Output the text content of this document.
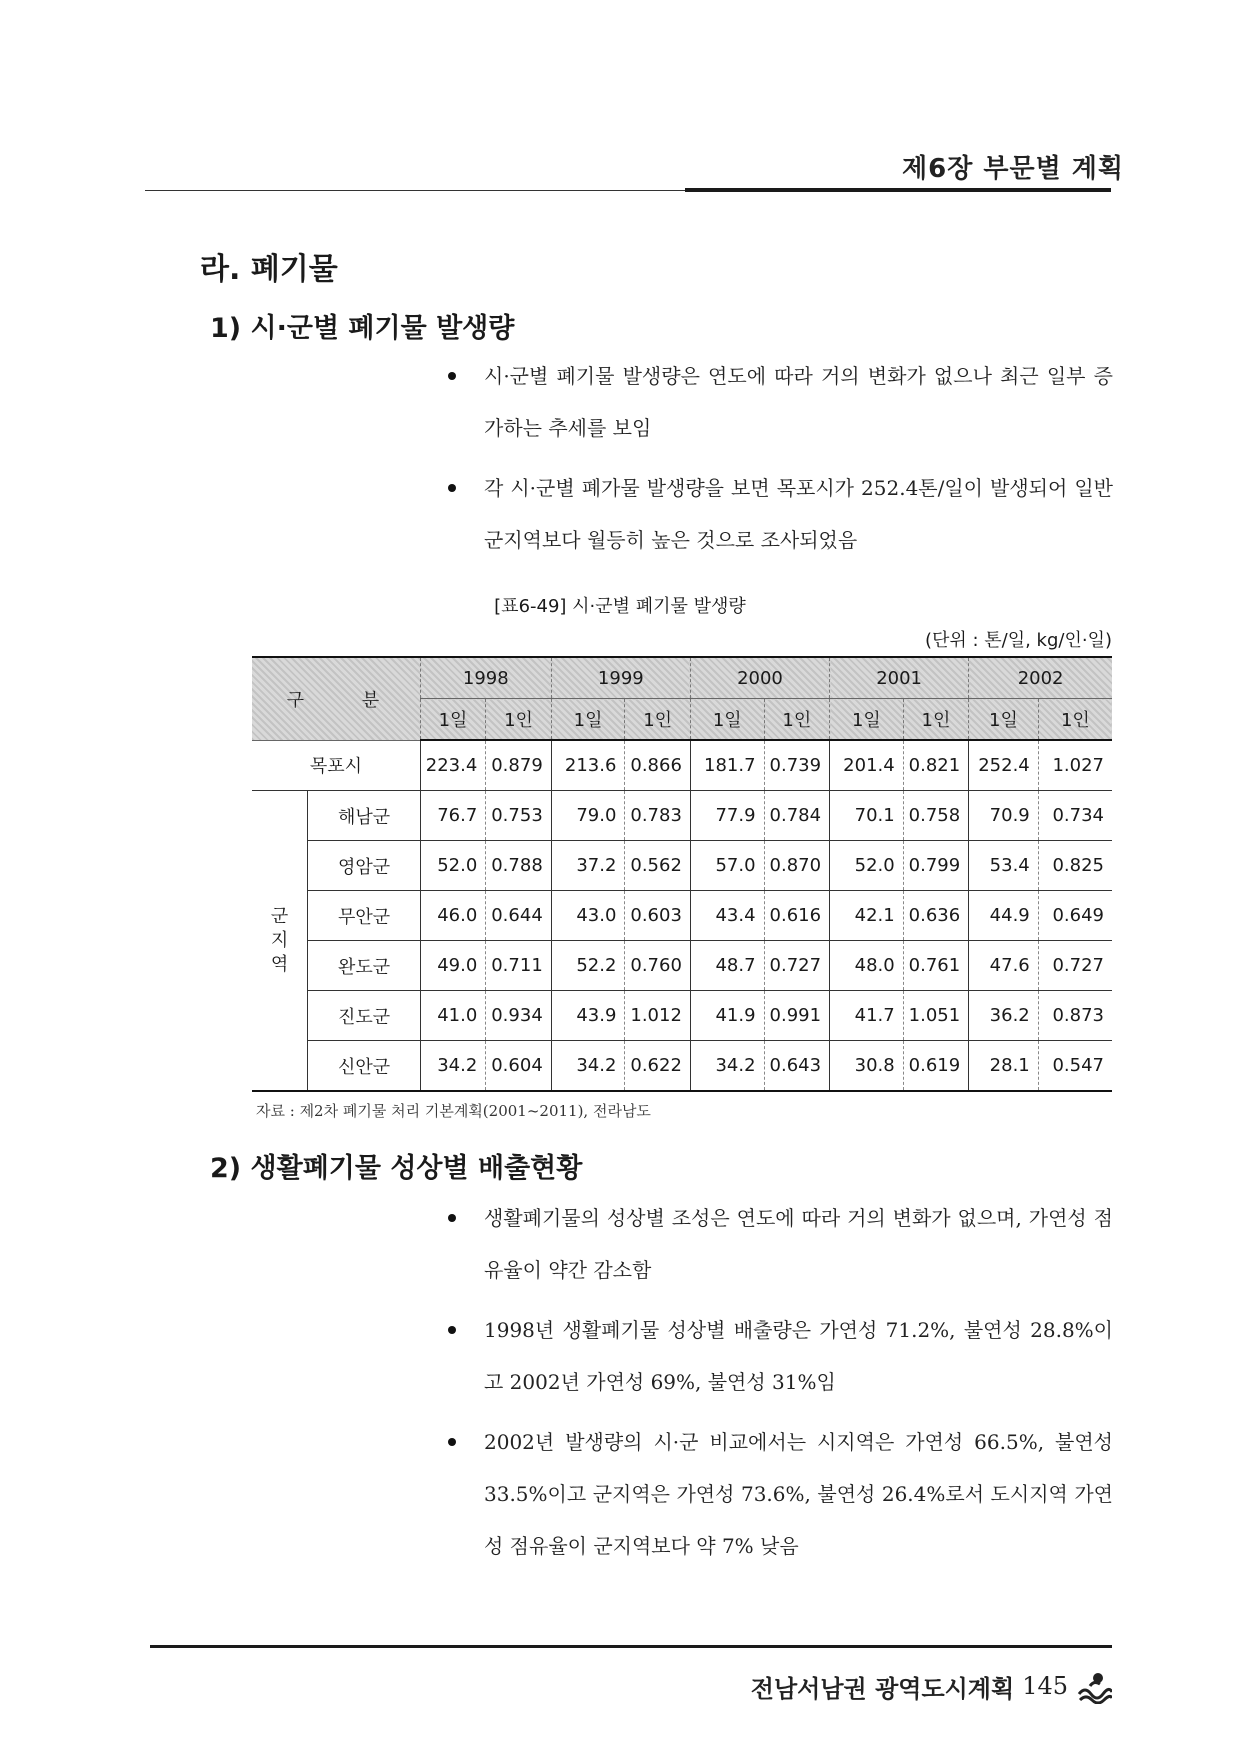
제6장 부문별 계획
라. 폐기물
1) 시·군별 폐기물 발생량

시·군별 폐기물 발생량은 연도에 따라 거의 변화가 없으나 최근 일부 증가하는 추세를 보임

각 시·군별 폐가물 발생량을 보면 목포시가 252.4톤/일이 발생되어 일반 군지역보다 월등히 높은 것으로 조사되었음

[표6-49] 시·군별 폐기물 발생량
(단위 : 톤/일, kg/인·일)
구 분		1998		1999		2000		2001		2002	
		1일	1인	1일	1인	1일	1인	1일	1인	1일	1인
목포시		223.4	0.879	213.6	0.866	181.7	0.739	201.4	0.821	252.4	1.027
군
지
역	해남군	76.7	0.753	79.0	0.783	77.9	0.784	70.1	0.758	70.9	0.734
	영암군	52.0	0.788	37.2	0.562	57.0	0.870	52.0	0.799	53.4	0.825
	무안군	46.0	0.644	43.0	0.603	43.4	0.616	42.1	0.636	44.9	0.649
	완도군	49.0	0.711	52.2	0.760	48.7	0.727	48.0	0.761	47.6	0.727
	진도군	41.0	0.934	43.9	1.012	41.9	0.991	41.7	1.051	36.2	0.873
	신안군	34.2	0.604	34.2	0.622	34.2	0.643	30.8	0.619	28.1	0.547
자료 : 제2차 폐기물 처리 기본계획(2001~2011), 전라남도
2) 생활폐기물 성상별 배출현황

생활폐기물의 성상별 조성은 연도에 따라 거의 변화가 없으며, 가연성 점유율이 약간 감소함

1998년 생활폐기물 성상별 배출량은 가연성 71.2%, 불연성 28.8%이고 2002년 가연성 69%, 불연성 31%임

2002년 발생량의 시·군 비교에서는 시지역은 가연성 66.5%, 불연성 33.5%이고 군지역은 가연성 73.6%, 불연성 26.4%로서 도시지역 가연성 점유율이 군지역보다 약 7% 낮음

전남서남권 광역도시계획 145
